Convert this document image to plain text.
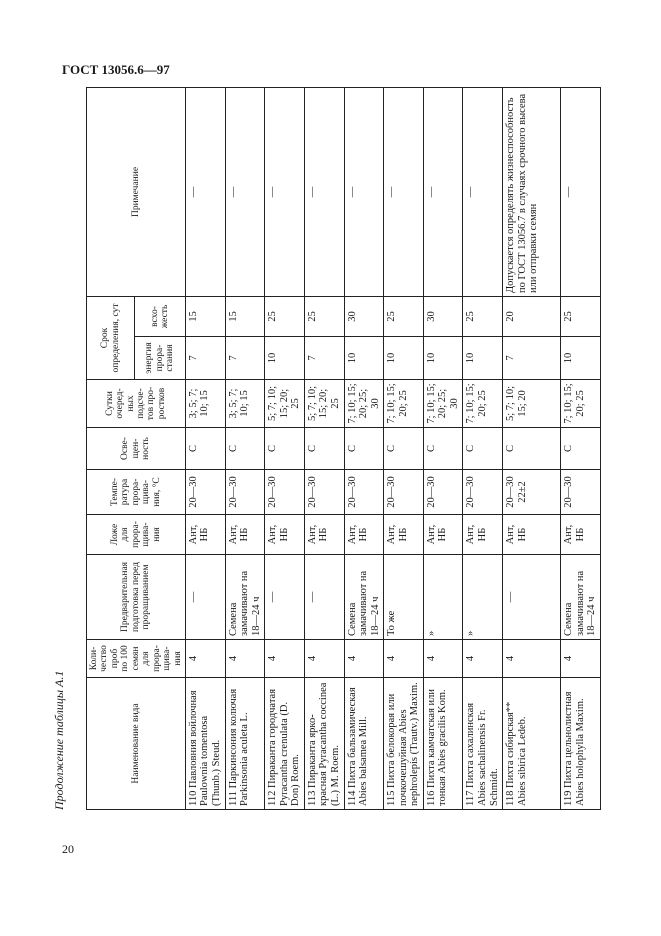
ГОСТ 13056.6—97
Продолжение таблицы А.1	Наименование вида	Коли- чество проб по 100 семян для прора- щива- ния	Предварительная подготовка перед проращиванием	Ложе для прора- щива- ния	Темпе- ратура прора- щива- ния, °С	Осве- щен- ность	Сутки очеред- ных подсче- тов про- ростков	Срок определения, сут		Примечание
							энергия прора- стания	всхо- жесть	
110 Павловния войлочная Paulownia tomentosa (Thunb.) Steud.	4	—	Ант, НБ	20—30	С	3; 5; 7; 10; 15	7	15	—
111 Паркинсония колючая Parkinsonia aculeta L.	4	Семена замачивают на 18—24 ч	Ант, НБ	20—30	С	3; 5; 7; 10; 15	7	15	—
112 Пираканта городчатая Pyracantha crenulata (D. Don) Roem.	4	—	Ант, НБ	20—30	С	5; 7; 10; 15; 20; 25	10	25	—
113 Пираканта ярко-красная Pyracantha coccinea (L.) M. Roem.	4	—	Ант, НБ	20—30	С	5; 7; 10; 15; 20; 25	7	25	—
114 Пихта бальзамическая Abies balsamea Mill.	4	Семена замачивают на 18—24 ч	Ант, НБ	20—30	С	7; 10; 15; 20; 25; 30	10	30	—
115 Пихта белокорая или почкочешуйная Abies nephrolepis (Trautv.) Maxim.	4	То же	Ант, НБ	20—30	С	7; 10; 15; 20; 25	10	25	—
116 Пихта камчатская или тонкая Abies gracilis Kom.	4	»	Ант, НБ	20—30	С	7; 10; 15; 20; 25; 30	10	30	—
117 Пихта сахалинская Abies sachalinensis Fr. Schmidt.	4	»	Ант, НБ	20—30	С	7; 10; 15; 20; 25	10	25	—
118 Пихта сибирская** Abies sibirica Ledeb.	4	—	Ант, НБ	20—30 22±2	С	5; 7; 10; 15; 20	7	20	Допускается определять жизнеспособность по ГОСТ 13056.7 в случаях срочного высева или отправки семян
119 Пихта цельнолистная Abies holophylla Maxim.	4	Семена замачивают на 18—24 ч	Ант, НБ	20—30	С	7; 10; 15; 20; 25	10	25	—
20
